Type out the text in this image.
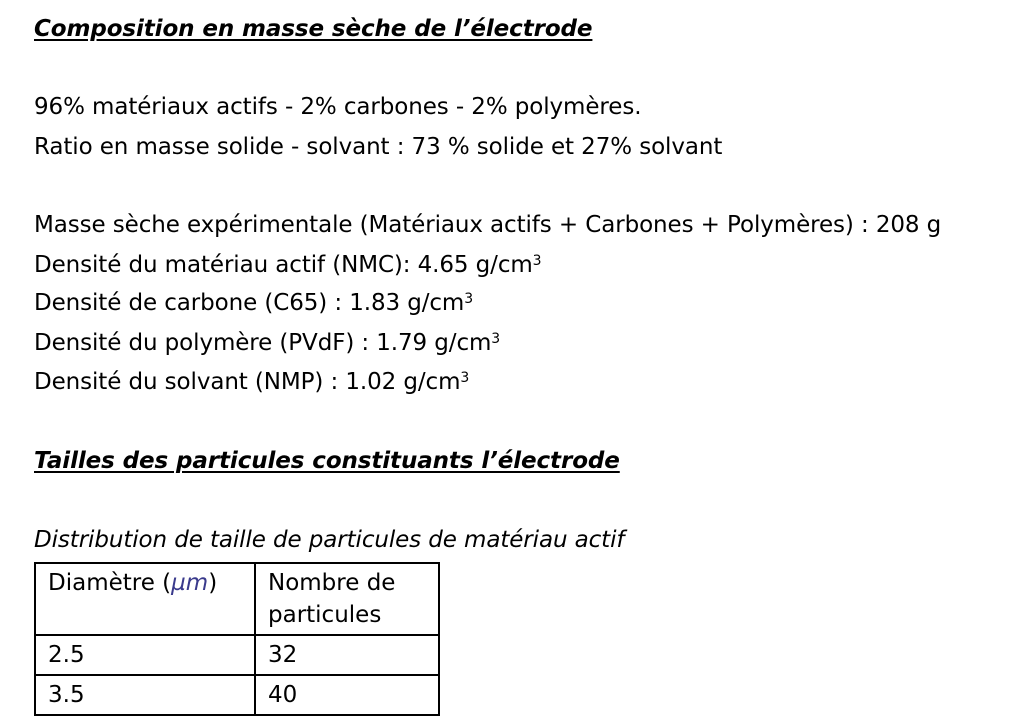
Composition en masse sèche de l’électrode
96% matériaux actifs - 2% carbones - 2% polymères.
Ratio en masse solide - solvant : 73 % solide et 27% solvant
Masse sèche expérimentale (Matériaux actifs + Carbones + Polymères) : 208 g
Densité du matériau actif (NMC): 4.65 $g/cm^3$
Densité de carbone (C65) : 1.83 $g/cm^3$
Densité du polymère (PVdF) : 1.79 $g/cm^3$
Densité du solvant (NMP) : 1.02 $g/cm^3$
Tailles des particules constituants l’électrode
Distribution de taille de particules de matériau actif
Diamètre (µm)	Nombre de
particules
2.5	32
3.5	40
